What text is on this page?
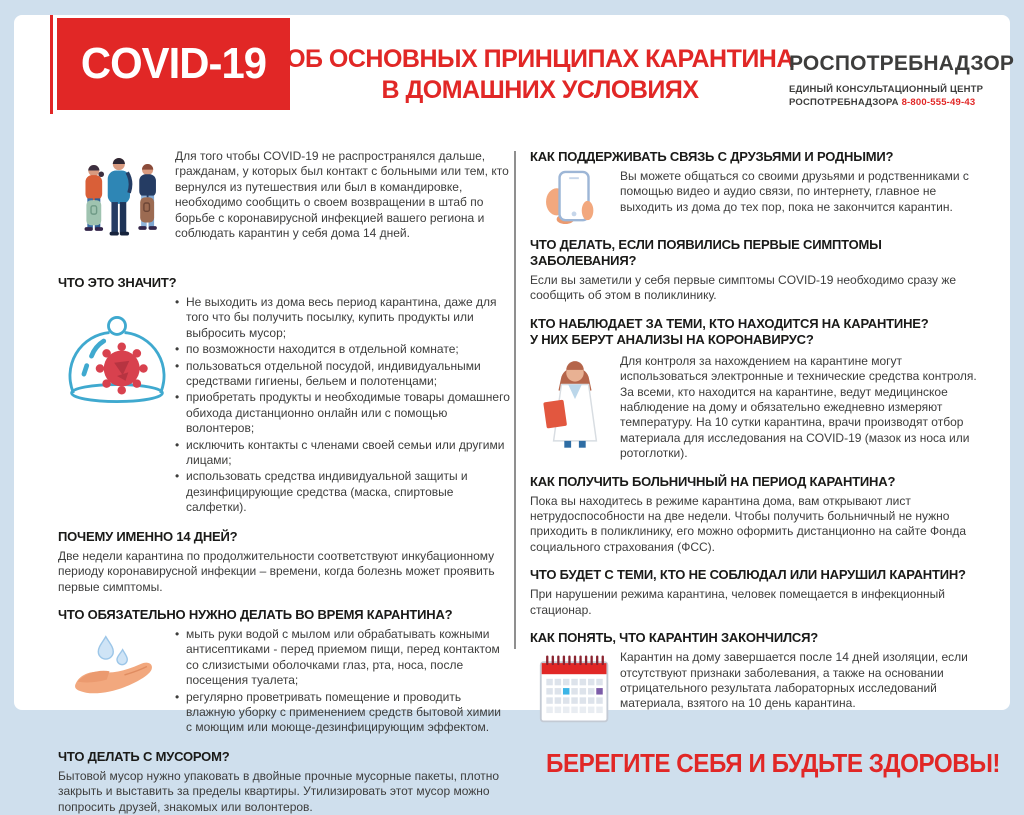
COVID-19 ОБ ОСНОВНЫХ ПРИНЦИПАХ КАРАНТИНА
В ДОМАШНИХ УСЛОВИЯХ
РОСПОТРЕБНАДЗОР
ЕДИНЫЙ КОНСУЛЬТАЦИОННЫЙ ЦЕНТР
РОСПОТРЕБНАДЗОРА 8-800-555-49-43

Для того чтобы COVID-19 не распространялся дальше, гражданам, у которых был контакт с больными или тем, кто вернулся из путешествия или был в командировке, необходимо сообщить о своем возвращении в штаб по борьбе с коронавирусной инфекцией вашего региона и соблюдать карантин у себя дома 14 дней.

ЧТО ЭТО ЗНАЧИТ?
• Не выходить из дома весь период карантина, даже для того что бы получить посылку, купить продукты или выбросить мусор;
• по возможности находится в отдельной комнате;
• пользоваться отдельной посудой, индивидуальными средствами гигиены, бельем и полотенцами;
• приобретать продукты и необходимые товары домашнего обихода дистанционно онлайн или с помощью волонтеров;
• исключить контакты с членами своей семьи или другими лицами;
• использовать средства индивидуальной защиты и дезинфицирующие средства (маска, спиртовые салфетки).
ПОЧЕМУ ИМЕННО 14 ДНЕЙ?

Две недели карантина по продолжительности соответствуют инкубационному периоду коронавирусной инфекции – времени, когда болезнь может проявить первые симптомы.

ЧТО ОБЯЗАТЕЛЬНО НУЖНО ДЕЛАТЬ ВО ВРЕМЯ КАРАНТИНА?
• мыть руки водой с мылом или обрабатывать кожными антисептиками - перед приемом пищи, перед контактом со слизистыми оболочками глаз, рта, носа, после посещения туалета;
• регулярно проветривать помещение и проводить влажную уборку с применением средств бытовой химии с моющим или моюще-дезинфицирующим эффектом.
ЧТО ДЕЛАТЬ С МУСОРОМ?

Бытовой мусор нужно упаковать в двойные прочные мусорные пакеты, плотно закрыть и выставить за пределы квартиры. Утилизировать этот мусор можно попросить друзей, знакомых или волонтеров.

КАК ПОДДЕРЖИВАТЬ СВЯЗЬ С ДРУЗЬЯМИ И РОДНЫМИ?

Вы можете общаться со своими друзьями и родственниками с помощью видео и аудио связи, по интернету, главное не выходить из дома до тех пор, пока не закончится карантин.

ЧТО ДЕЛАТЬ, ЕСЛИ ПОЯВИЛИСЬ ПЕРВЫЕ СИМПТОМЫ ЗАБОЛЕВАНИЯ?

Если вы заметили у себя первые симптомы COVID-19 необходимо сразу же сообщить об этом в поликлинику.

КТО НАБЛЮДАЕТ ЗА ТЕМИ, КТО НАХОДИТСЯ НА КАРАНТИНЕ?
У НИХ БЕРУТ АНАЛИЗЫ НА КОРОНАВИРУС?

Для контроля за нахождением на карантине могут использоваться электронные и технические средства контроля.

За всеми, кто находится на карантине, ведут медицинское наблюдение на дому и обязательно ежедневно измеряют температуру. На 10 сутки карантина, врачи производят отбор материала для исследования на COVID-19 (мазок из носа или ротоглотки).

КАК ПОЛУЧИТЬ БОЛЬНИЧНЫЙ НА ПЕРИОД КАРАНТИНА?

Пока вы находитесь в режиме карантина дома, вам открывают лист нетрудоспособности на две недели. Чтобы получить больничный не нужно приходить в поликлинику, его можно оформить дистанционно на сайте Фонда социального страхования (ФСС).

ЧТО БУДЕТ С ТЕМИ, КТО НЕ СОБЛЮДАЛ ИЛИ НАРУШИЛ КАРАНТИН?

При нарушении режима карантина, человек помещается в инфекционный стационар.

КАК ПОНЯТЬ, ЧТО КАРАНТИН ЗАКОНЧИЛСЯ?

Карантин на дому завершается после 14 дней изоляции, если отсутствуют признаки заболевания, а также на основании отрицательного результата лабораторных исследований материала, взятого на 10 день карантина.

БЕРЕГИТЕ СЕБЯ И БУДЬТЕ ЗДОРОВЫ!
